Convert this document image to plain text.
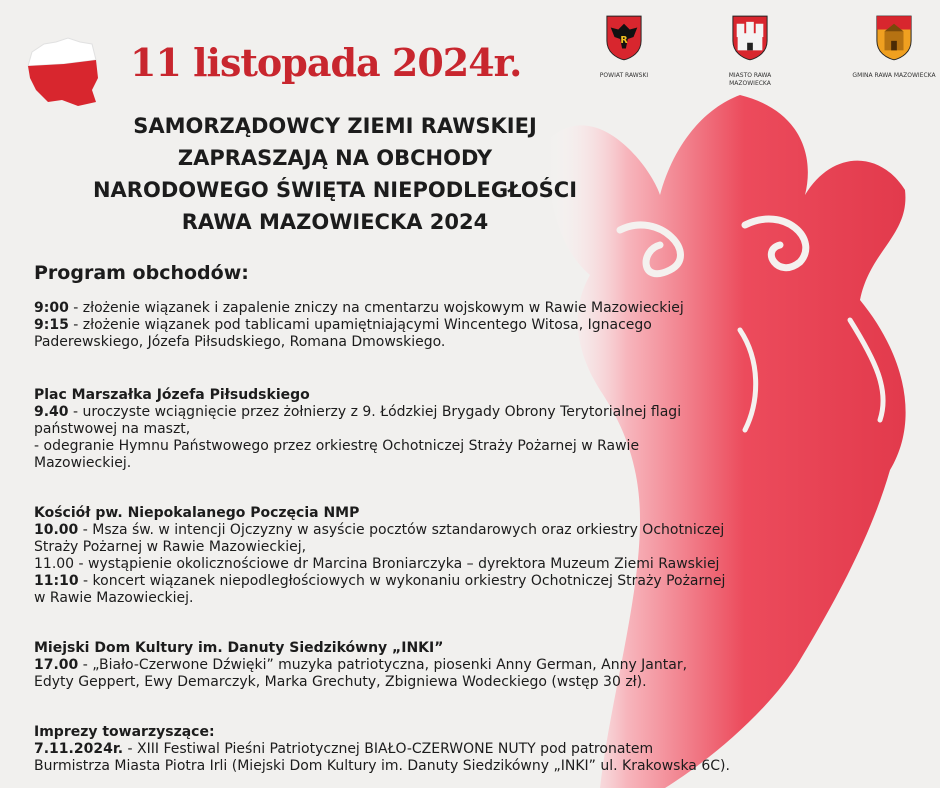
11 listopada 2024r.	R
POWIAT RAWSKI	MIASTO RAWA MAZOWIECKA
GMINA RAWA MAZOWIECKA
SAMORZĄDOWCY ZIEMI RAWSKIEJ
ZAPRASZAJĄ NA OBCHODY
NARODOWEGO ŚWIĘTA NIEPODLEGŁOŚCI
RAWA MAZOWIECKA 2024
Program obchodów:
9:00 - złożenie wiązanek i zapalenie zniczy na cmentarzu wojskowym w Rawie Mazowieckiej
9:15 - złożenie wiązanek pod tablicami upamiętniającymi Wincentego Witosa, Ignacego
Paderewskiego, Józefa Piłsudskiego, Romana Dmowskiego.
Plac Marszałka Józefa Piłsudskiego
9.40 - uroczyste wciągnięcie przez żołnierzy z 9. Łódzkiej Brygady Obrony Terytorialnej flagi
państwowej na maszt,
- odegranie Hymnu Państwowego przez orkiestrę Ochotniczej Straży Pożarnej w Rawie
Mazowieckiej.
Kościół pw. Niepokalanego Poczęcia NMP
10.00 - Msza św. w intencji Ojczyzny w asyście pocztów sztandarowych oraz orkiestry Ochotniczej
Straży Pożarnej w Rawie Mazowieckiej,
11.00 - wystąpienie okolicznościowe dr Marcina Broniarczyka – dyrektora Muzeum Ziemi Rawskiej
11:10 - koncert wiązanek niepodległościowych w wykonaniu orkiestry Ochotniczej Straży Pożarnej
w Rawie Mazowieckiej.
Miejski Dom Kultury im. Danuty Siedzikówny „INKI”
17.00 - „Biało-Czerwone Dźwięki” muzyka patriotyczna, piosenki Anny German, Anny Jantar,
Edyty Geppert, Ewy Demarczyk, Marka Grechuty, Zbigniewa Wodeckiego (wstęp 30 zł).
Imprezy towarzyszące:
7.11.2024r. - XIII Festiwal Pieśni Patriotycznej BIAŁO-CZERWONE NUTY pod patronatem
Burmistrza Miasta Piotra Irli (Miejski Dom Kultury im. Danuty Siedzikówny „INKI” ul. Krakowska 6C).
